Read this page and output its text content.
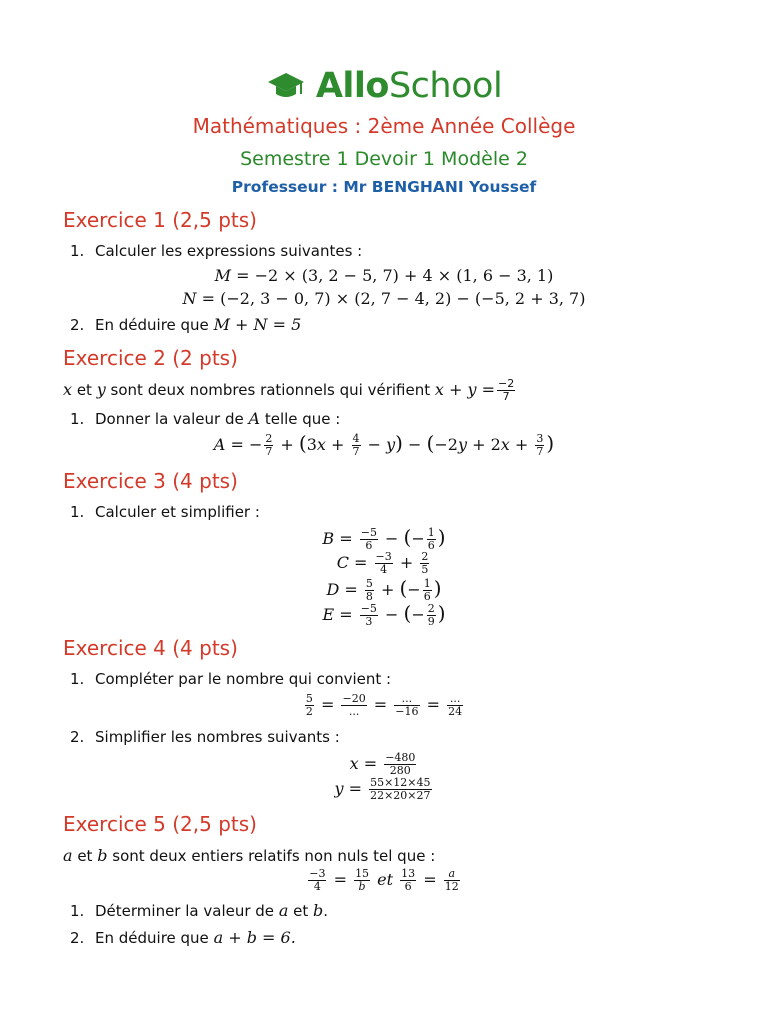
AlloSchool
Mathématiques : 2ème Année Collège
Semestre 1 Devoir 1 Modèle 2
Professeur : Mr BENGHANI Youssef
Exercice 1 (2,5 pts)
1. Calculer les expressions suivantes :
M = −2 × (3, 2 − 5, 7) + 4 × (1, 6 − 3, 1)
N = (−2, 3 − 0, 7) × (2, 7 − 4, 2) − (−5, 2 + 3, 7)
2. En déduire que M + N = 5
Exercice 2 (2 pts)
x et y sont deux nombres rationnels qui vérifient $x + y = \frac{-2}{7}$
1. Donner la valeur de A telle que :
A = − $\frac{2}{7} + (3x + \frac{4}{7} - y) - (-2y + 2x + \frac{3}{7}$ )
Exercice 3 (4 pts)
1. Calculer et simplifier :
$B = \frac{-5}{6}$ − (− $\frac{1}{6}$ )
$C = \frac{-3}{4} + \frac{2}{5}$
$D = \frac{5}{8}$ + (− $\frac{1}{6}$ )
$E = \frac{-5}{3}$ − (− $\frac{2}{9}$ )
Exercice 4 (4 pts)
1. Compléter par le nombre qui convient :
$\frac{5}{2} = \frac{-20}{...} = \frac{...}{-16} = \frac{...}{24}$
2. Simplifier les nombres suivants :
$x = \frac{-480}{280}$
$y = \frac{55\times 12\times 45}{22\times 20\times 27}$
Exercice 5 (2,5 pts)
a et b sont deux entiers relatifs non nuls tel que :
$\frac{-3}{4} = \frac{15}{b}$ et $\frac{13}{6} = \frac{a}{12}$
1. Déterminer la valeur de a et b.
2. En déduire que a + b = 6.
